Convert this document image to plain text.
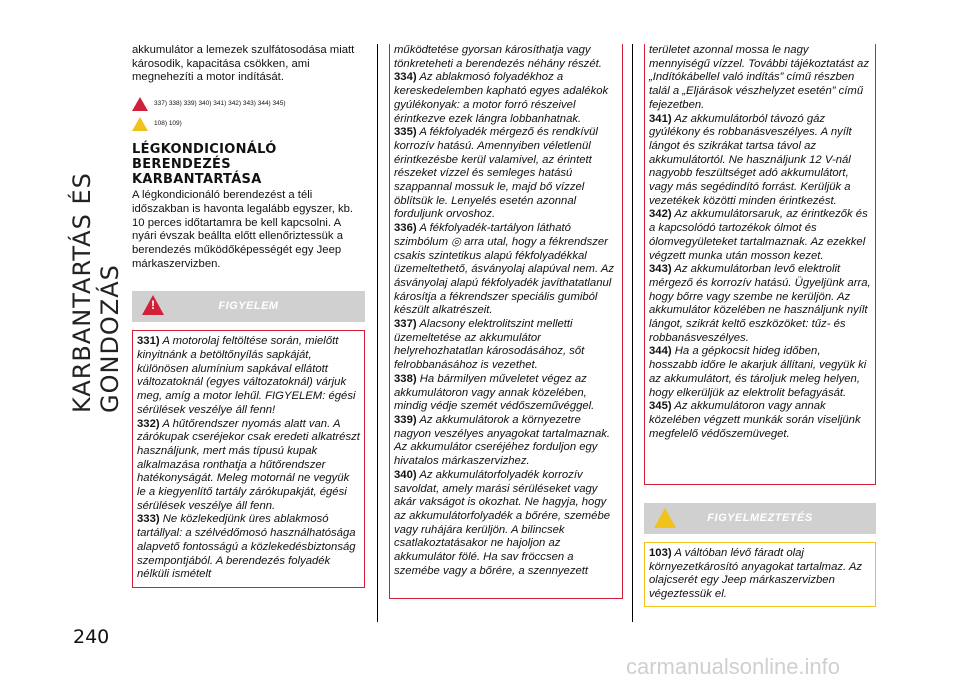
KARBANTARTÁS ÉS GONDOZÁS
240
carmanualsonline.info

akkumulátor a lemezek szulfátosodása miatt károsodik, kapacitása csökken, ami megnehezíti a motor indítását.

337) 338) 339) 340) 341) 342) 343) 344) 345)
108) 109)
LÉGKONDICIONÁLÓ BERENDEZÉS KARBANTARTÁSA

A légkondicionáló berendezést a téli időszakban is havonta legalább egyszer, kb. 10 perces időtartamra be kell kapcsolni. A nyári évszak beállta előtt ellenőriztessük a berendezés működőképességét egy Jeep márkaszervizben.

!
FIGYELEM

331) A motorolaj feltöltése során, mielőtt kinyitnánk a betöltőnyílás sapkáját, különösen alumínium sapkával ellátott változatoknál (egyes változatoknál) várjuk meg, amíg a motor lehűl. FIGYELEM: égési sérülések veszélye áll fenn!

332) A hűtőrendszer nyomás alatt van. A zárókupak cseréjekor csak eredeti alkatrészt használjunk, mert más típusú kupak alkalmazása ronthatja a hűtőrendszer hatékonyságát. Meleg motornál ne vegyük le a kiegyenlítő tartály zárókupakját, égési sérülések veszélye áll fenn.

333) Ne közlekedjünk üres ablakmosó tartállyal: a szélvédőmosó használhatósága alapvető fontosságú a közlekedésbiztonság szempontjából. A berendezés folyadék nélküli ismételt

működtetése gyorsan károsíthatja vagy tönkreteheti a berendezés néhány részét.

334) Az ablakmosó folyadékhoz a kereskedelemben kapható egyes adalékok gyúlékonyak: a motor forró részeivel érintkezve ezek lángra lobbanhatnak.

335) A fékfolyadék mérgező és rendkívül korrozív hatású. Amennyiben véletlenül érintkezésbe kerül valamivel, az érintett részeket vízzel és semleges hatású szappannal mossuk le, majd bő vízzel öblítsük le. Lenyelés esetén azonnal forduljunk orvoshoz.

336) A fékfolyadék-tartályon látható szimbólum ◎ arra utal, hogy a fékrendszer csakis szintetikus alapú fékfolyadékkal üzemeltethető, ásványolaj alapúval nem. Az ásványolaj alapú fékfolyadék javíthatatlanul károsítja a fékrendszer speciális gumiból készült alkatrészeit.

337) Alacsony elektrolitszint melletti üzemeltetése az akkumulátor helyrehozhatatlan károsodásához, sőt felrobbanásához is vezethet.

338) Ha bármilyen műveletet végez az akkumulátoron vagy annak közelében, mindig védje szemét védőszeművéggel.

339) Az akkumulátorok a környezetre nagyon veszélyes anyagokat tartalmaznak. Az akkumulátor cseréjéhez forduljon egy hivatalos márkaszervizhez.

340) Az akkumulátorfolyadék korrozív savoldat, amely marási sérüléseket vagy akár vakságot is okozhat. Ne hagyja, hogy az akkumulátorfolyadék a bőrére, szemébe vagy ruhájára kerüljön. A bilincsek csatlakoztatásakor ne hajoljon az akkumulátor fölé. Ha sav fröccsen a szemébe vagy a bőrére, a szennyezett

területet azonnal mossa le nagy mennyiségű vízzel. További tájékoztatást az „Indítókábellel való indítás” című részben talál a „Eljárások vészhelyzet esetén” című fejezetben.

341) Az akkumulátorból távozó gáz gyúlékony és robbanásveszélyes. A nyílt lángot és szikrákat tartsa távol az akkumulátortól. Ne használjunk 12 V-nál nagyobb feszültséget adó akkumulátort, vagy más segédindító forrást. Kerüljük a vezetékek közötti minden érintkezést.

342) Az akkumulátorsaruk, az érintkezők és a kapcsolódó tartozékok ólmot és ólomvegyületeket tartalmaznak. Az ezekkel végzett munka után mosson kezet.

343) Az akkumulátorban levő elektrolit mérgező és korrozív hatású. Ügyeljünk arra, hogy bőrre vagy szembe ne kerüljön. Az akkumulátor közelében ne használjunk nyílt lángot, szikrát keltő eszközöket: tűz- és robbanásveszélyes.

344) Ha a gépkocsit hideg időben, hosszabb időre le akarjuk állítani, vegyük ki az akkumulátort, és tároljuk meleg helyen, hogy elkerüljük az elektrolit befagyását.

345) Az akkumulátoron vagy annak közelében végzett munkák során viseljünk megfelelő védőszemüveget.

FIGYELMEZTETÉS

103) A váltóban lévő fáradt olaj környezetkárosító anyagokat tartalmaz. Az olajcserét egy Jeep márkaszervizben végeztessük el.
